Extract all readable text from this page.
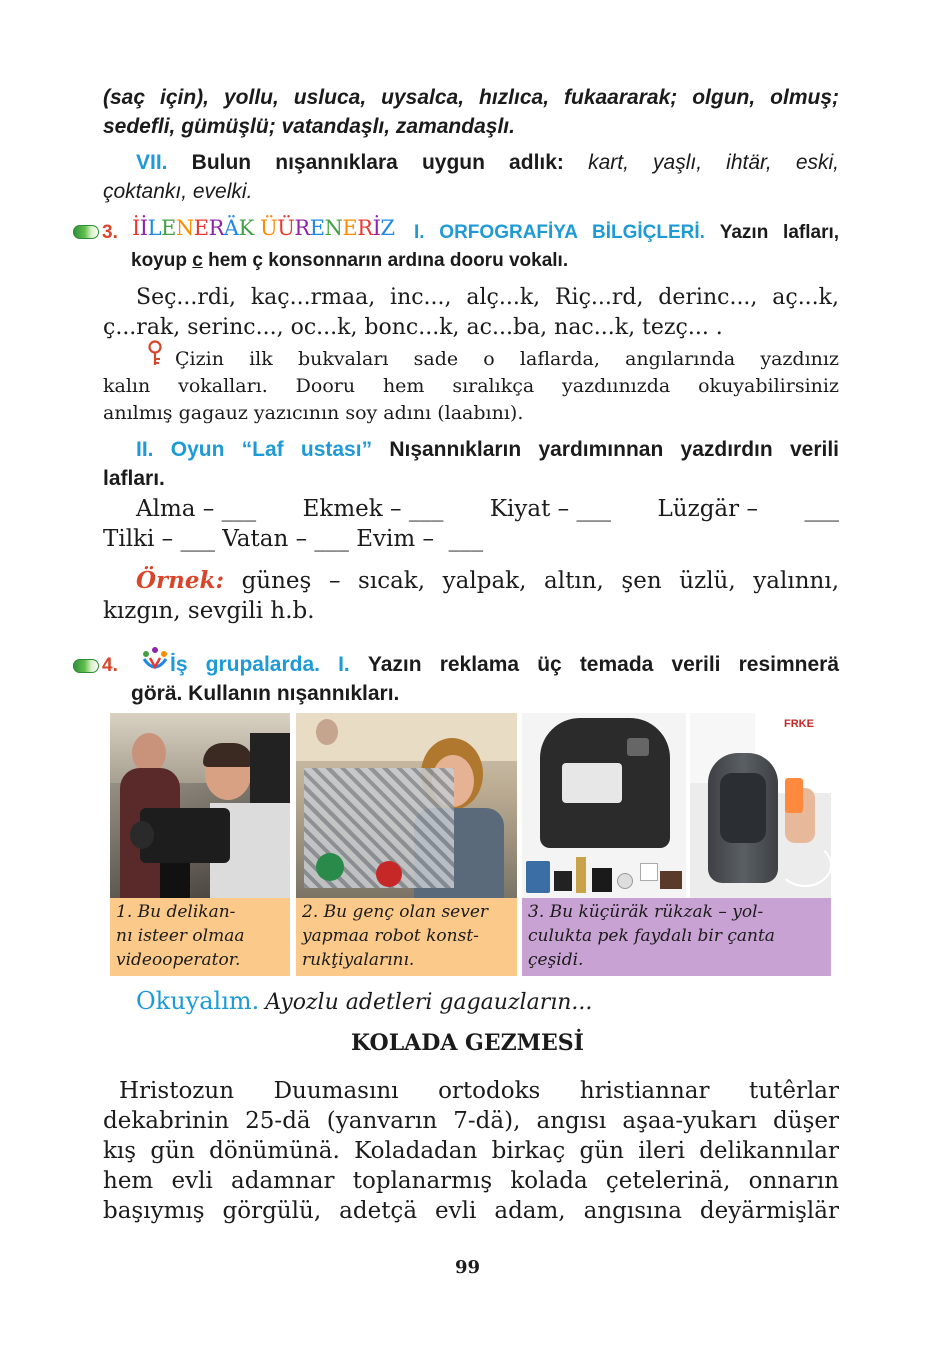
(saç için), yollu, usluca, uysalca, hızlıca, fukaararak; olgun, olmuş;
sedefli, gümüşlü; vatandaşlı, zamandaşlı.
VII. Bulun nışannıklara uygun adlık: kart, yaşlı, ihtär, eski,
çoktankı, evelki.
3. İİLENERÄK ÜÜRENERİZ I. ORFOGRAFİYA BİLGİÇLERİ. Yazın lafları,
koyup c hem ç konsonnarın ardına dooru vokalı.
Seç...rdi, kaç...rmaa, inc..., alç...k, Riç...rd, derinc..., aç...k,
ç...rak, serinc..., oc...k, bonc...k, ac...ba, nac...k, tezç... .
Çizin ilk bukvaları sade o laflarda, angılarında yazdınız
kalın vokalları. Dooru hem sıralıkça yazdıınızda okuyabilirsiniz
anılmış gagauz yazıcının soy adını (laabını).
II. Oyun “Laf ustası” Nışannıkların yardımınnan yazdırdın verili
lafları.
Alma – ___ Ekmek – ___ Kiyat – ___ Lüzgär – ___
Tilki – ___ Vatan – ___ Evim –  ___
Örnek: güneş – sıcak, yalpak, altın, şen üzlü, yalınnı,
kızgın, sevgili h.b.
4. İş grupalarda. I. Yazın reklama üç temada verili resimnerä
görä. Kullanın nışannıkları.
FRKE
1. Bu delikan-
nı isteer olmaa
videooperator.
2. Bu genç olan sever
yapmaa robot konst-
rukţiyalarını.
3. Bu küçüräk rükzak – yol-
culukta pek faydalı bir çanta
çeşidi.
Okuyalım. Ayozlu adetleri gagauzların...
KOLADA GEZMESİ
Hristozun Duumasını ortodoks hristiannar tutêrlar
dekabrinin 25-dä (yanvarın 7-dä), angısı aşaa-yukarı düşer
kış gün dönümünä. Koladadan birkaç gün ileri delikannılar
hem evli adamnar toplanarmış kolada çetelerinä, onnarın
başıymış görgülü, adetçä evli adam, angısına deyärmişlär
99
